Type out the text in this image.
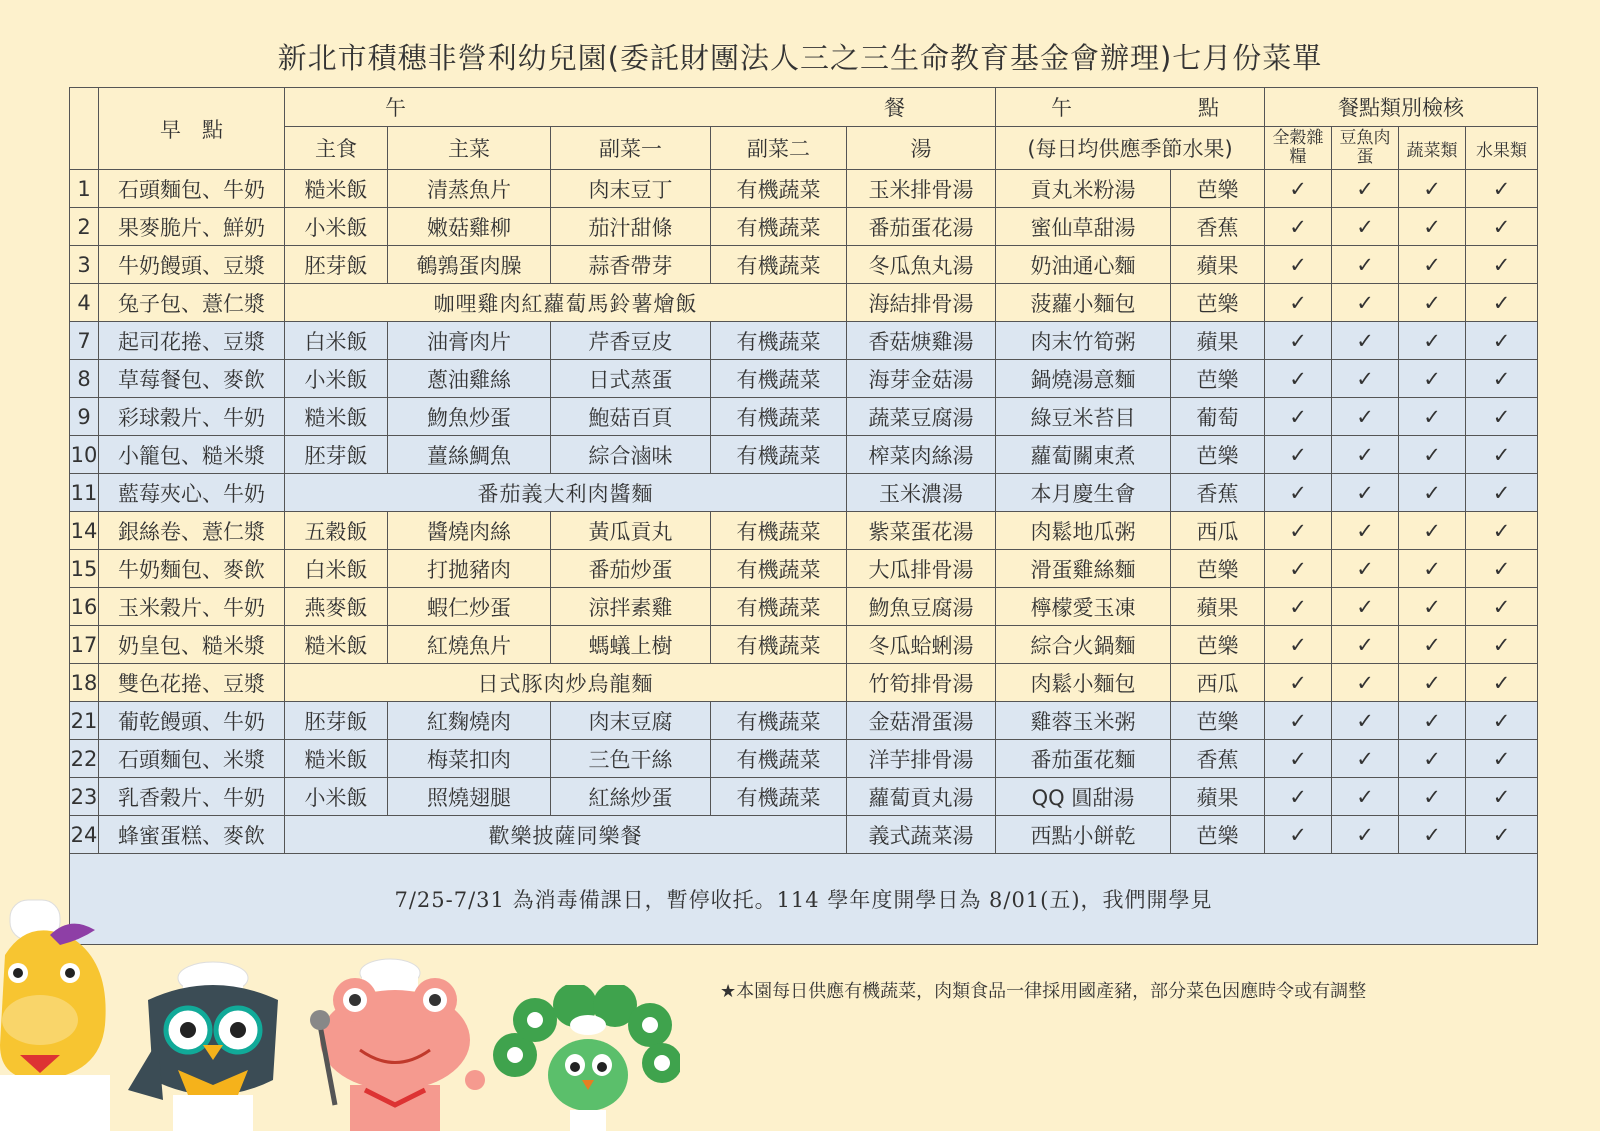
新北市積穗非營利幼兒園(委託財團法人三之三生命教育基金會辦理)七月份菜單
	早　點	午 餐					午 點		餐點類別檢核			
		主食	主菜	副菜一	副菜二	湯	(每日均供應季節水果)		全穀雜糧	豆魚肉蛋	蔬菜類	水果類
1	石頭麵包、牛奶	糙米飯	清蒸魚片	肉末豆丁	有機蔬菜	玉米排骨湯	貢丸米粉湯	芭樂	✓	✓	✓	✓
2	果麥脆片、鮮奶	小米飯	嫩菇雞柳	茄汁甜條	有機蔬菜	番茄蛋花湯	蜜仙草甜湯	香蕉	✓	✓	✓	✓
3	牛奶饅頭、豆漿	胚芽飯	鵪鶉蛋肉臊	蒜香帶芽	有機蔬菜	冬瓜魚丸湯	奶油通心麵	蘋果	✓	✓	✓	✓
4	兔子包、薏仁漿	咖哩雞肉紅蘿蔔馬鈴薯燴飯				海結排骨湯	菠蘿小麵包	芭樂	✓	✓	✓	✓
7	起司花捲、豆漿	白米飯	油膏肉片	芹香豆皮	有機蔬菜	香菇焿雞湯	肉末竹筍粥	蘋果	✓	✓	✓	✓
8	草莓餐包、麥飲	小米飯	蔥油雞絲	日式蒸蛋	有機蔬菜	海芽金菇湯	鍋燒湯意麵	芭樂	✓	✓	✓	✓
9	彩球穀片、牛奶	糙米飯	魩魚炒蛋	鮑菇百頁	有機蔬菜	蔬菜豆腐湯	綠豆米苔目	葡萄	✓	✓	✓	✓
10	小籠包、糙米漿	胚芽飯	薑絲鯛魚	綜合滷味	有機蔬菜	榨菜肉絲湯	蘿蔔關東煮	芭樂	✓	✓	✓	✓
11	藍莓夾心、牛奶	番茄義大利肉醬麵				玉米濃湯	本月慶生會	香蕉	✓	✓	✓	✓
14	銀絲卷、薏仁漿	五穀飯	醬燒肉絲	黃瓜貢丸	有機蔬菜	紫菜蛋花湯	肉鬆地瓜粥	西瓜	✓	✓	✓	✓
15	牛奶麵包、麥飲	白米飯	打拋豬肉	番茄炒蛋	有機蔬菜	大瓜排骨湯	滑蛋雞絲麵	芭樂	✓	✓	✓	✓
16	玉米穀片、牛奶	燕麥飯	蝦仁炒蛋	涼拌素雞	有機蔬菜	魩魚豆腐湯	檸檬愛玉凍	蘋果	✓	✓	✓	✓
17	奶皇包、糙米漿	糙米飯	紅燒魚片	螞蟻上樹	有機蔬菜	冬瓜蛤蜊湯	綜合火鍋麵	芭樂	✓	✓	✓	✓
18	雙色花捲、豆漿	日式豚肉炒烏龍麵				竹筍排骨湯	肉鬆小麵包	西瓜	✓	✓	✓	✓
21	葡乾饅頭、牛奶	胚芽飯	紅麴燒肉	肉末豆腐	有機蔬菜	金菇滑蛋湯	雞蓉玉米粥	芭樂	✓	✓	✓	✓
22	石頭麵包、米漿	糙米飯	梅菜扣肉	三色干絲	有機蔬菜	洋芋排骨湯	番茄蛋花麵	香蕉	✓	✓	✓	✓
23	乳香穀片、牛奶	小米飯	照燒翅腿	紅絲炒蛋	有機蔬菜	蘿蔔貢丸湯	QQ 圓甜湯	蘋果	✓	✓	✓	✓
24	蜂蜜蛋糕、麥飲	歡樂披薩同樂餐				義式蔬菜湯	西點小餅乾	芭樂	✓	✓	✓	✓
7/25-7/31 為消毒備課日，暫停收托。114 學年度開學日為 8/01(五)，我們開學見												
★本園每日供應有機蔬菜，肉類食品一律採用國產豬，部分菜色因應時令或有調整
